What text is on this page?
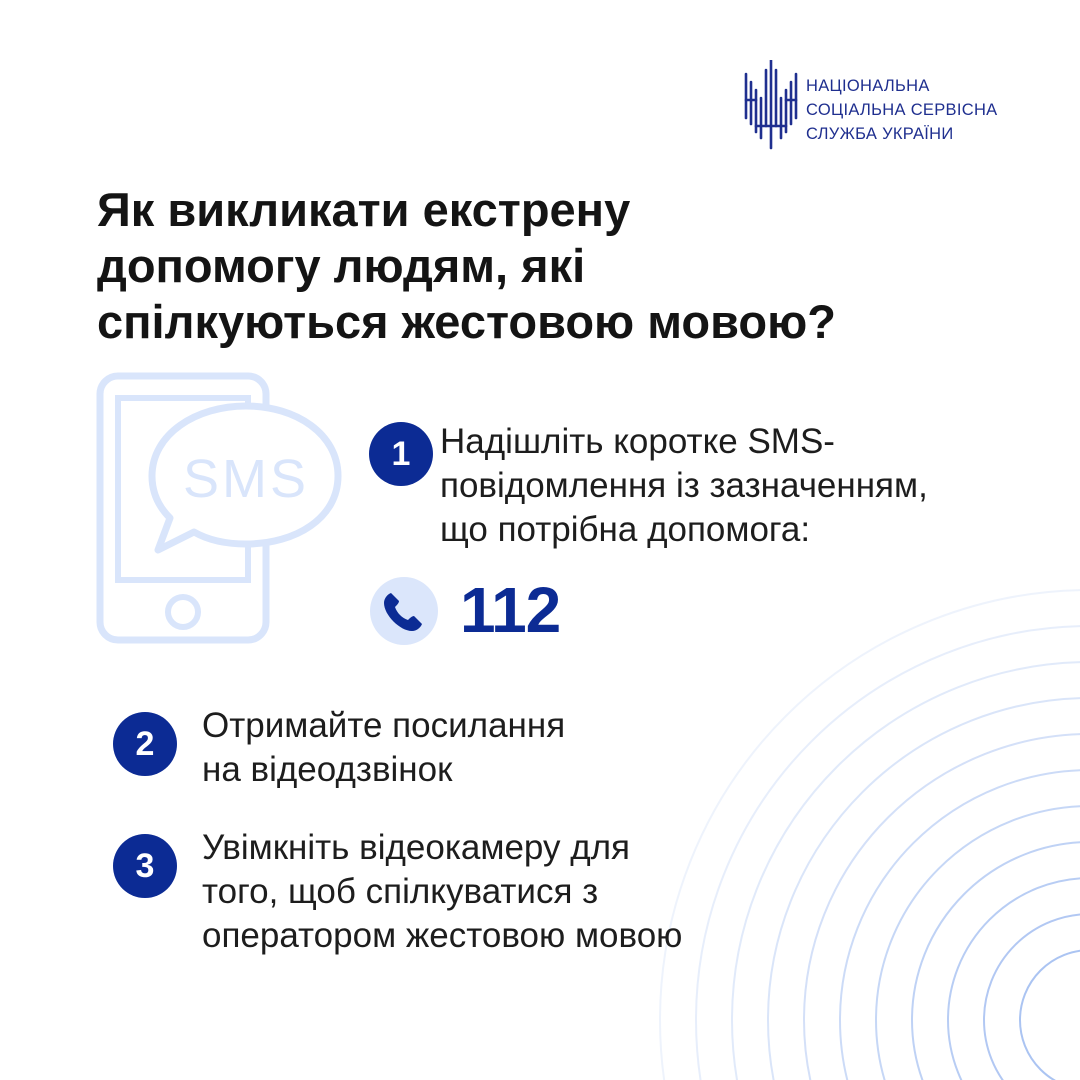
НАЦІОНАЛЬНА
СОЦІАЛЬНА СЕРВІСНА
СЛУЖБА УКРАЇНИ
Як викликати екстрену
допомогу людям, які
спілкуються жестовою мовою?
SMS	1 Надішліть коротке SMS-
повідомлення із зазначенням,
що потрібна допомога:
112
2	Отримайте посилання
на відеодзвінок
3	Увімкніть відеокамеру для
того, щоб спілкуватися з
оператором жестовою мовою
